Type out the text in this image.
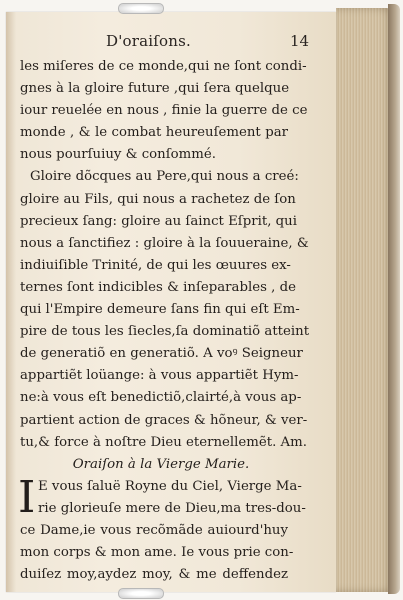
D'oraiſons.	14
les miſeres de ce monde,qui ne ſont condi-
gnes à la gloire future ,qui ſera quelque
iour reuelée en nous , finie la guerre de ce
monde , & le combat heureuſement par
nous pourſuiuy & conſommé.
Gloire dõcques au Pere,qui nous a creé:
gloire au Fils, qui nous a rachetez de ſon
precieux ſang: gloire au ſainct Eſprit, qui
nous a ſanctifiez : gloire à la ſouueraine, &
indiuiſible Trinité, de qui les œuures ex-
ternes ſont indicibles & inſeparables , de
qui l'Empire demeure ſans fin qui eſt Em-
pire de tous les ſiecles,ſa dominatiõ atteint
de generatiõ en generatiõ. A voꝰ Seigneur
appartiẽt loüange: à vous appartiẽt Hym-
ne:à vous eſt benedictiõ,clairté,à vous ap-
partient action de graces & hõneur, & ver-
tu,& force à noſtre Dieu eternellemẽt. Am.
Oraiſon à la Vierge Marie.
I E vous ſaluë Royne du Ciel, Vierge Ma-
rie glorieuſe mere de Dieu,ma tres-dou-
ce Dame,ie vous recõmãde auiourd'huy
mon corps & mon ame. Ie vous prie con-
duiſez moy,aydez moy, & me deffendez
